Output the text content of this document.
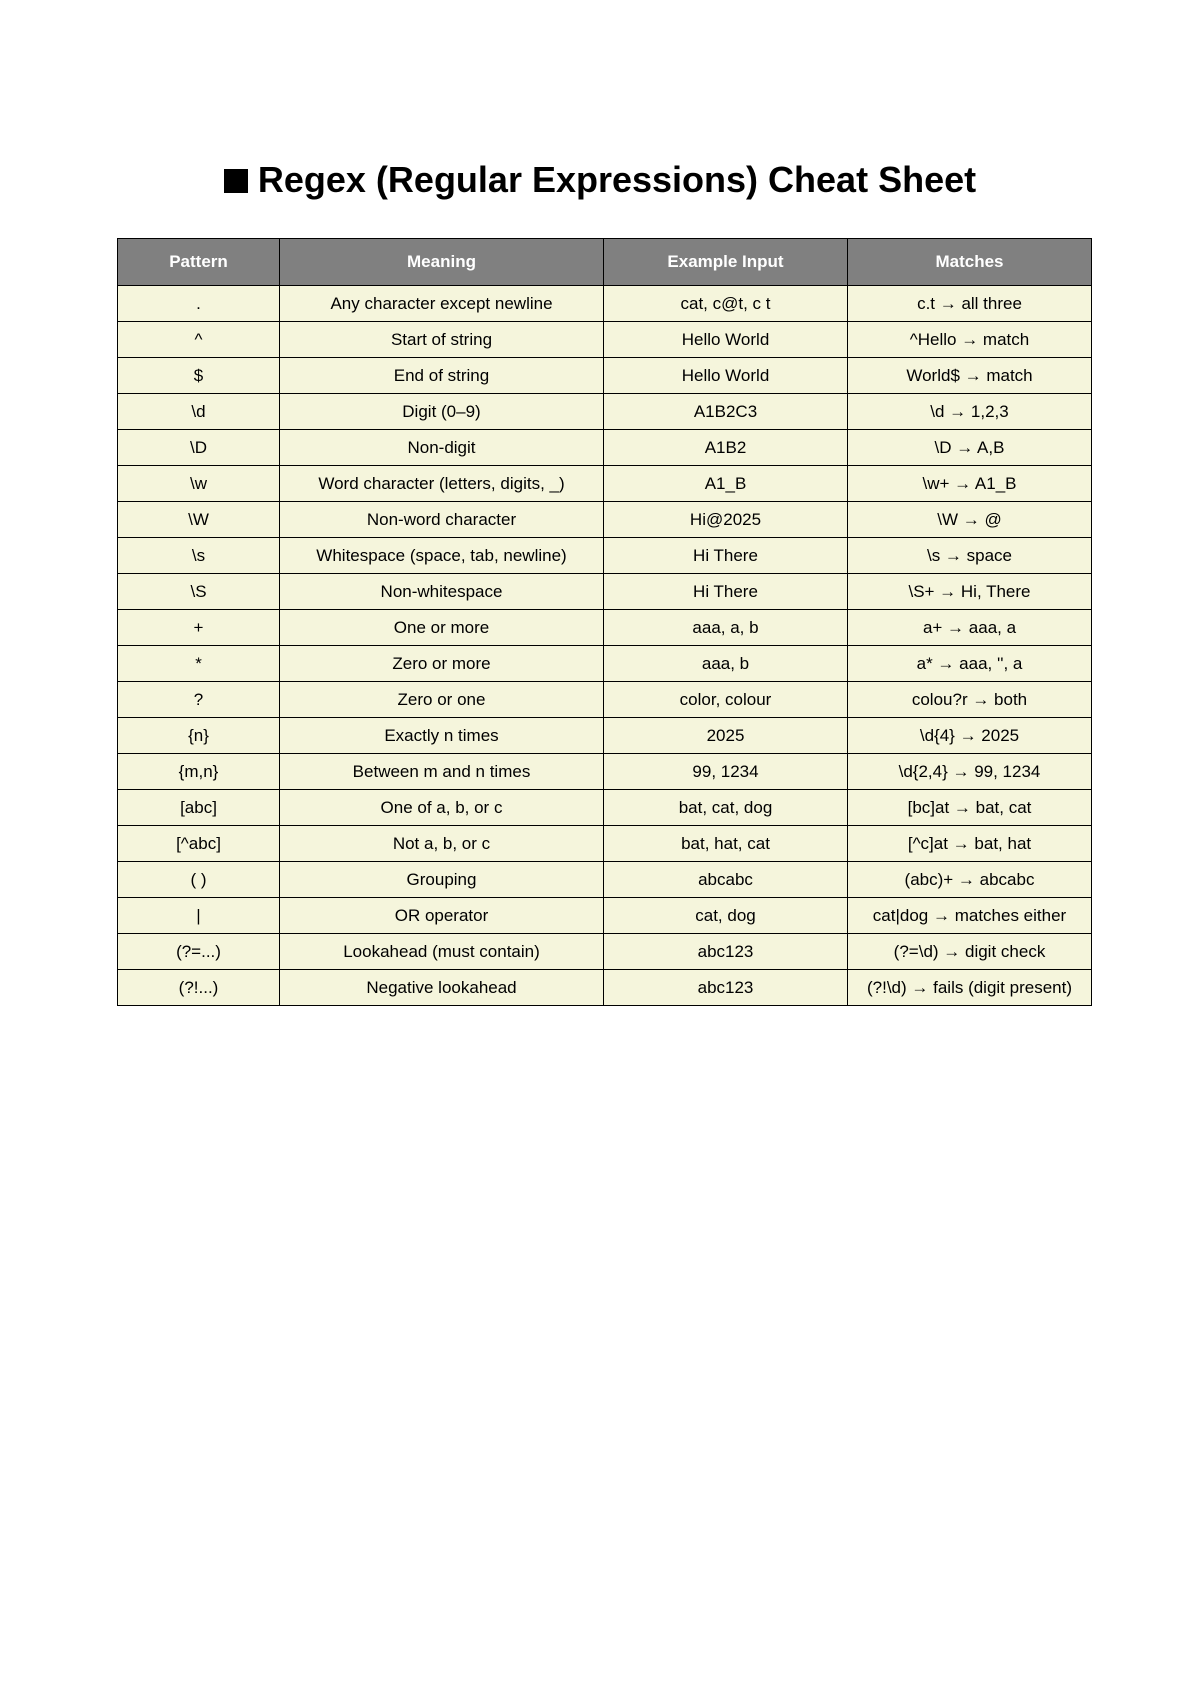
Regex (Regular Expressions) Cheat Sheet
Pattern	Meaning	Example Input	Matches
.	Any character except newline	cat, c@t, c t	c.t → all three
^	Start of string	Hello World	^Hello → match
$	End of string	Hello World	World$ → match
\d	Digit (0–9)	A1B2C3	\d → 1,2,3
\D	Non-digit	A1B2	\D → A,B
\w	Word character (letters, digits, _)	A1_B	\w+ → A1_B
\W	Non-word character	Hi@2025	\W → @
\s	Whitespace (space, tab, newline)	Hi There	\s → space
\S	Non-whitespace	Hi There	\S+ → Hi, There
+	One or more	aaa, a, b	a+ → aaa, a
*	Zero or more	aaa, b	a* → aaa, '', a
?	Zero or one	color, colour	colou?r → both
{n}	Exactly n times	2025	\d{4} → 2025
{m,n}	Between m and n times	99, 1234	\d{2,4} → 99, 1234
[abc]	One of a, b, or c	bat, cat, dog	[bc]at → bat, cat
[^abc]	Not a, b, or c	bat, hat, cat	[^c]at → bat, hat
( )	Grouping	abcabc	(abc)+ → abcabc
|	OR operator	cat, dog	cat|dog → matches either
(?=...)	Lookahead (must contain)	abc123	(?=\d) → digit check
(?!...)	Negative lookahead	abc123	(?!\d) → fails (digit present)
